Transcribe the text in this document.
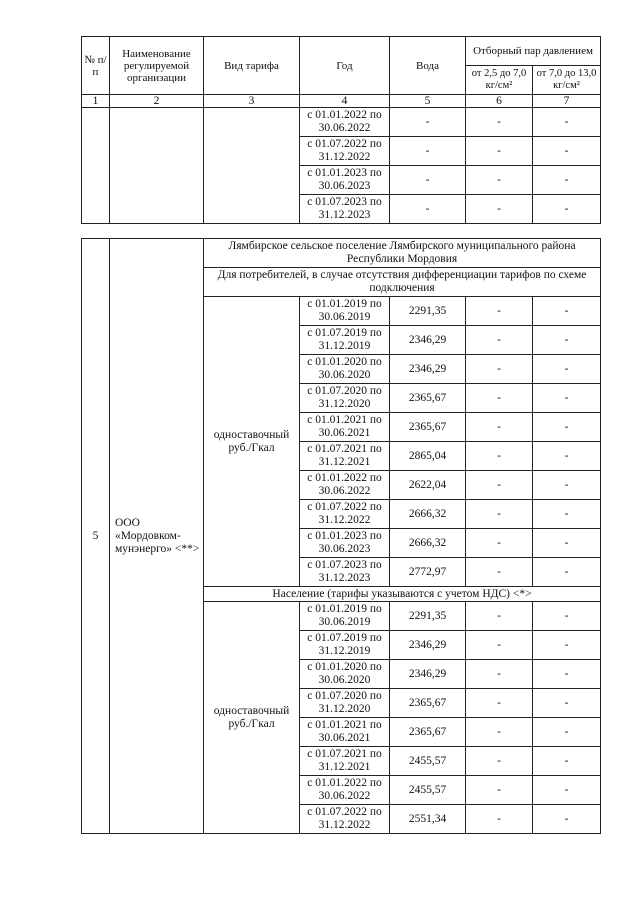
№ п/п	Наименование регулируемой организации	Вид тарифа	Год	Вода	Отборный пар давлением	
					от 2,5 до 7,0 кг/см²	от 7,0 до 13,0 кг/см²
1	2	3	4	5	6	7
			с 01.01.2022 по 30.06.2022	-	-	-
			с 01.07.2022 по 31.12.2022	-	-	-
			с 01.01.2023 по 30.06.2023	-	-	-
			с 01.07.2023 по 31.12.2023	-	-	-

5	ООО «Мордовком-мунэнерго» <**>	Лямбирское сельское поселение Лямбирского муниципального района Республики Мордовия				
		Для потребителей, в случае отсутствия дифференциации тарифов по схеме подключения				
		одноставочный руб./Гкал	с 01.01.2019 по 30.06.2019	2291,35	-	-
			с 01.07.2019 по 31.12.2019	2346,29	-	-
			с 01.01.2020 по 30.06.2020	2346,29	-	-
			с 01.07.2020 по 31.12.2020	2365,67	-	-
			с 01.01.2021 по 30.06.2021	2365,67	-	-
			с 01.07.2021 по 31.12.2021	2865,04	-	-
			с 01.01.2022 по 30.06.2022	2622,04	-	-
			с 01.07.2022 по 31.12.2022	2666,32	-	-
			с 01.01.2023 по 30.06.2023	2666,32	-	-
			с 01.07.2023 по 31.12.2023	2772,97	-	-
		Население (тарифы указываются с учетом НДС) <*>				
		одноставочный руб./Гкал	с 01.01.2019 по 30.06.2019	2291,35	-	-
			с 01.07.2019 по 31.12.2019	2346,29	-	-
			с 01.01.2020 по 30.06.2020	2346,29	-	-
			с 01.07.2020 по 31.12.2020	2365,67	-	-
			с 01.01.2021 по 30.06.2021	2365,67	-	-
			с 01.07.2021 по 31.12.2021	2455,57	-	-
			с 01.01.2022 по 30.06.2022	2455,57	-	-
			с 01.07.2022 по 31.12.2022	2551,34	-	-
